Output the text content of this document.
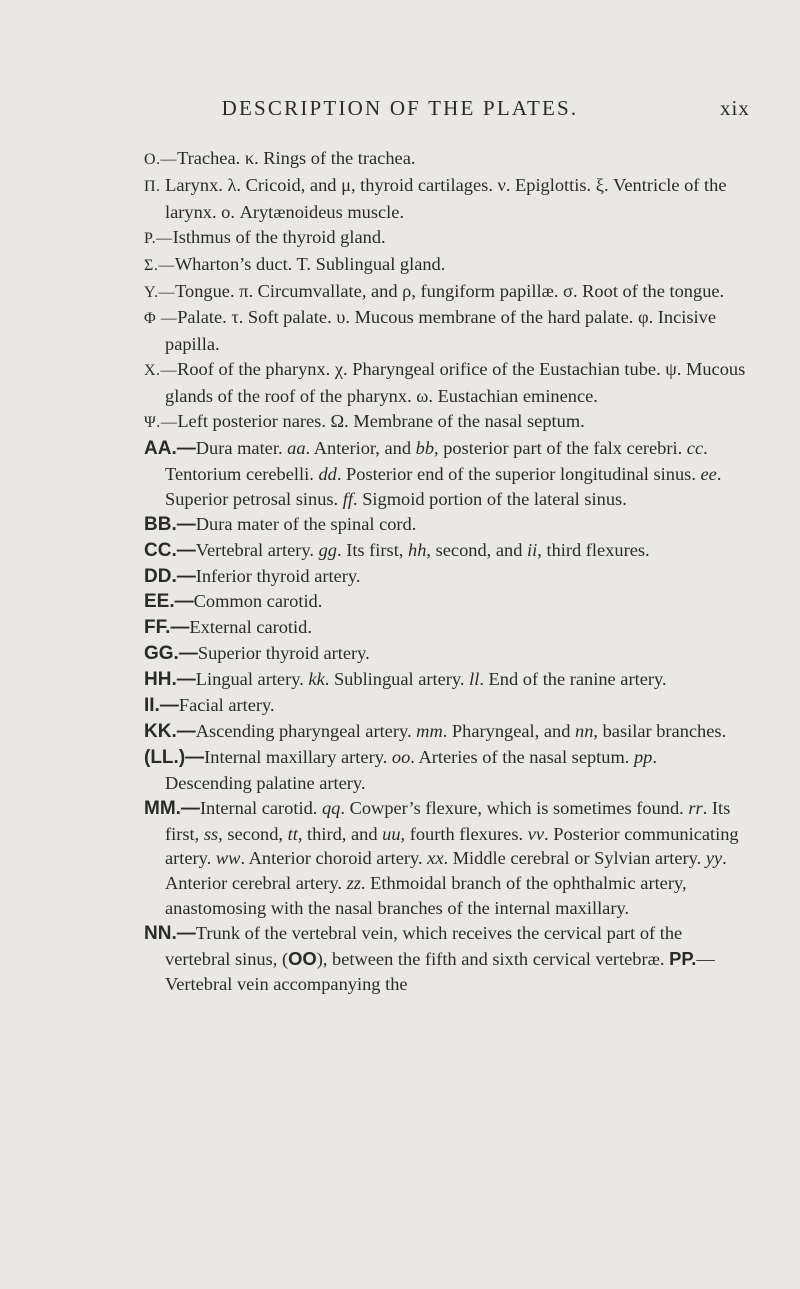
DESCRIPTION OF THE PLATES.	xix
O.—Trachea. κ. Rings of the trachea.
Π. Larynx. λ. Cricoid, and μ, thyroid cartilages. ν. Epiglottis. ξ. Ventricle of the larynx. ο. Arytænoideus muscle.
P.—Isthmus of the thyroid gland.
Σ.—Wharton’s duct. T. Sublingual gland.
Υ.—Tongue. π. Circumvallate, and ρ, fungiform papillæ. σ. Root of the tongue.
Φ —Palate. τ. Soft palate. υ. Mucous membrane of the hard palate. φ. Incisive papilla.
X.—Roof of the pharynx. χ. Pharyngeal orifice of the Eustachian tube. ψ. Mucous glands of the roof of the pharynx. ω. Eustachian eminence.
Ψ.—Left posterior nares. Ω. Membrane of the nasal septum.
AA.—Dura mater. aa. Anterior, and bb, posterior part of the falx cerebri. cc. Tentorium cerebelli. dd. Posterior end of the superior longitudinal sinus. ee. Superior petrosal sinus. ff. Sigmoid portion of the lateral sinus.
BB.—Dura mater of the spinal cord.
CC.—Vertebral artery. gg. Its first, hh, second, and ii, third flexures.
DD.—Inferior thyroid artery.
EE.—Common carotid.
FF.—External carotid.
GG.—Superior thyroid artery.
HH.—Lingual artery. kk. Sublingual artery. ll. End of the ranine artery.
II.—Facial artery.
KK.—Ascending pharyngeal artery. mm. Pharyngeal, and nn, basilar branches.
(LL.)—Internal maxillary artery. oo. Arteries of the nasal septum. pp. Descending palatine artery.
MM.—Internal carotid. qq. Cowper’s flexure, which is sometimes found. rr. Its first, ss, second, tt, third, and uu, fourth flexures. vv. Posterior communicating artery. ww. Anterior choroid artery. xx. Middle cerebral or Sylvian artery. yy. Anterior cerebral artery. zz. Ethmoidal branch of the ophthalmic artery, anastomosing with the nasal branches of the internal maxillary.
NN.—Trunk of the vertebral vein, which receives the cervical part of the vertebral sinus, (OO), between the fifth and sixth cervical vertebræ. PP.—Vertebral vein accompanying the
